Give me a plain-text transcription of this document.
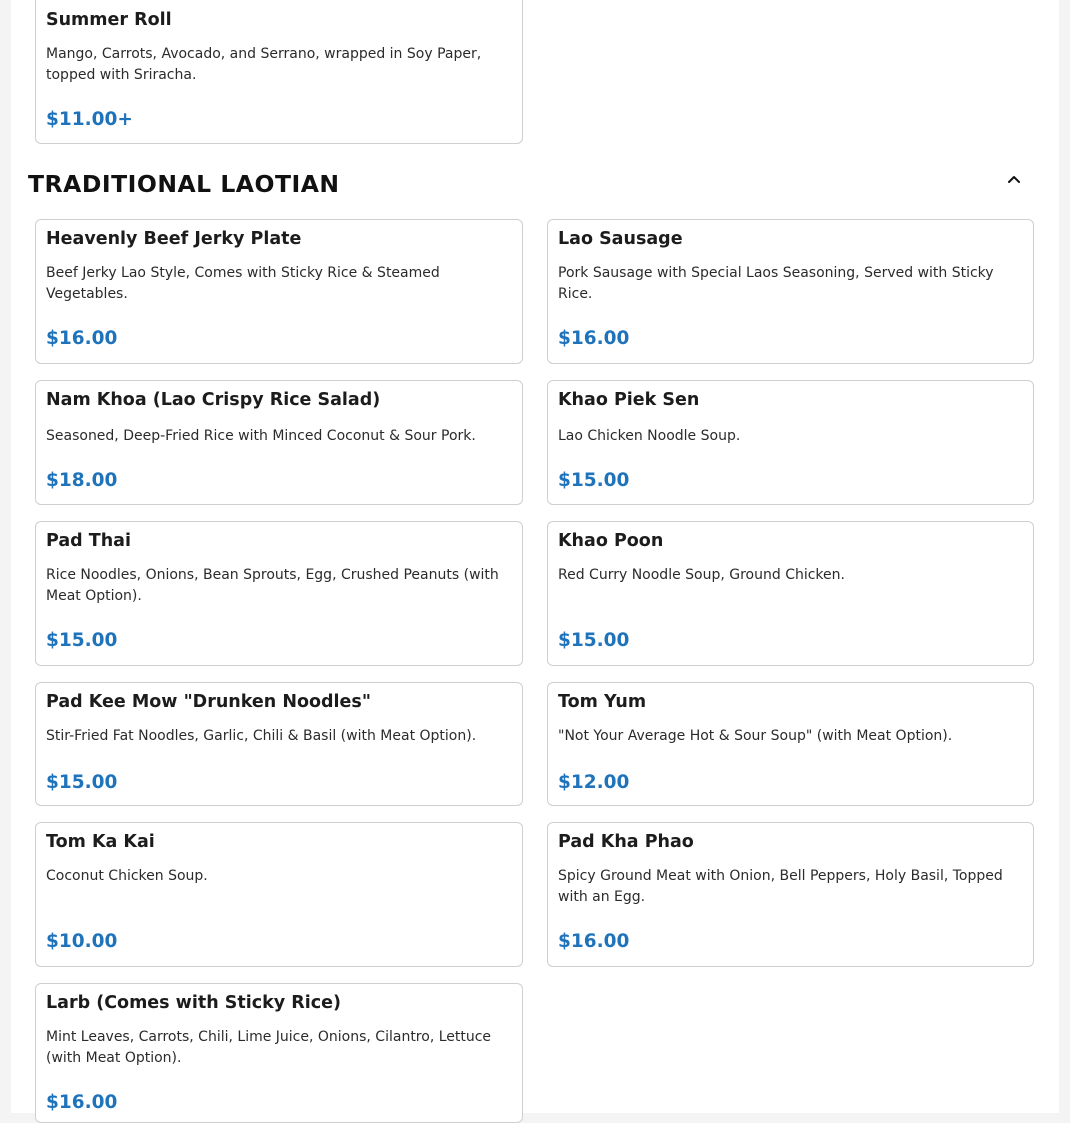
Summer Roll
Mango, Carrots, Avocado, and Serrano, wrapped in Soy Paper, topped with Sriracha.
$11.00+
TRADITIONAL LAOTIAN
Heavenly Beef Jerky Plate
Beef Jerky Lao Style, Comes with Sticky Rice & Steamed Vegetables.
$16.00
Lao Sausage
Pork Sausage with Special Laos Seasoning, Served with Sticky Rice.
$16.00
Nam Khoa (Lao Crispy Rice Salad)
Seasoned, Deep-Fried Rice with Minced Coconut & Sour Pork.
$18.00
Khao Piek Sen
Lao Chicken Noodle Soup.
$15.00
Pad Thai
Rice Noodles, Onions, Bean Sprouts, Egg, Crushed Peanuts (with Meat Option).
$15.00
Khao Poon
Red Curry Noodle Soup, Ground Chicken.
$15.00
Pad Kee Mow "Drunken Noodles"
Stir-Fried Fat Noodles, Garlic, Chili & Basil (with Meat Option).
$15.00
Tom Yum
"Not Your Average Hot & Sour Soup" (with Meat Option).
$12.00
Tom Ka Kai
Coconut Chicken Soup.
$10.00
Pad Kha Phao
Spicy Ground Meat with Onion, Bell Peppers, Holy Basil, Topped with an Egg.
$16.00
Larb (Comes with Sticky Rice)
Mint Leaves, Carrots, Chili, Lime Juice, Onions, Cilantro, Lettuce (with Meat Option).
$16.00
